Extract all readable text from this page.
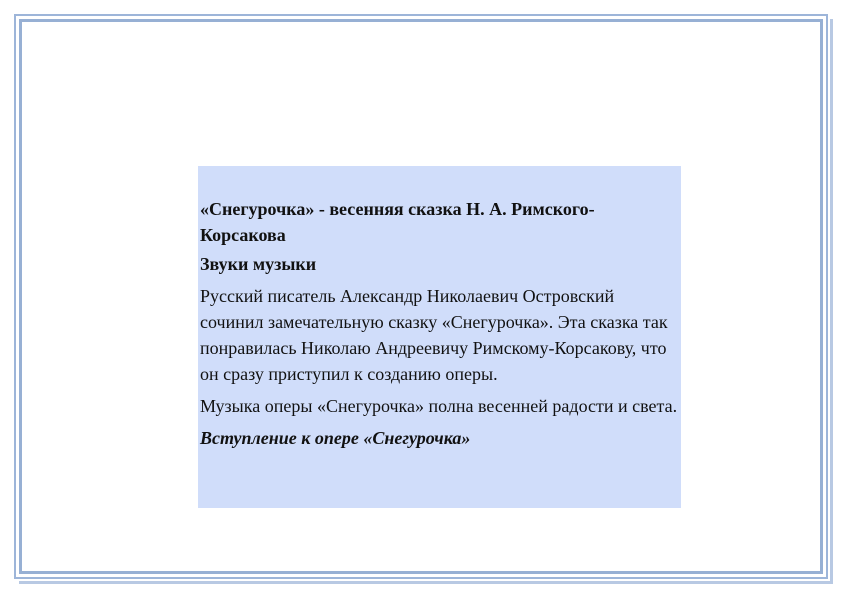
«Снегурочка» - весенняя сказка Н. А. Римского-Корсакова

Звуки музыки

Русский писатель Александр Николаевич Островский сочинил замечательную сказку «Снегурочка». Эта сказка так понравилась Николаю Андреевичу Римскому-Корсакову, что он сразу приступил к созданию оперы.

Музыка оперы «Снегурочка» полна весенней радости и света.

Вступление к опере «Снегурочка»
